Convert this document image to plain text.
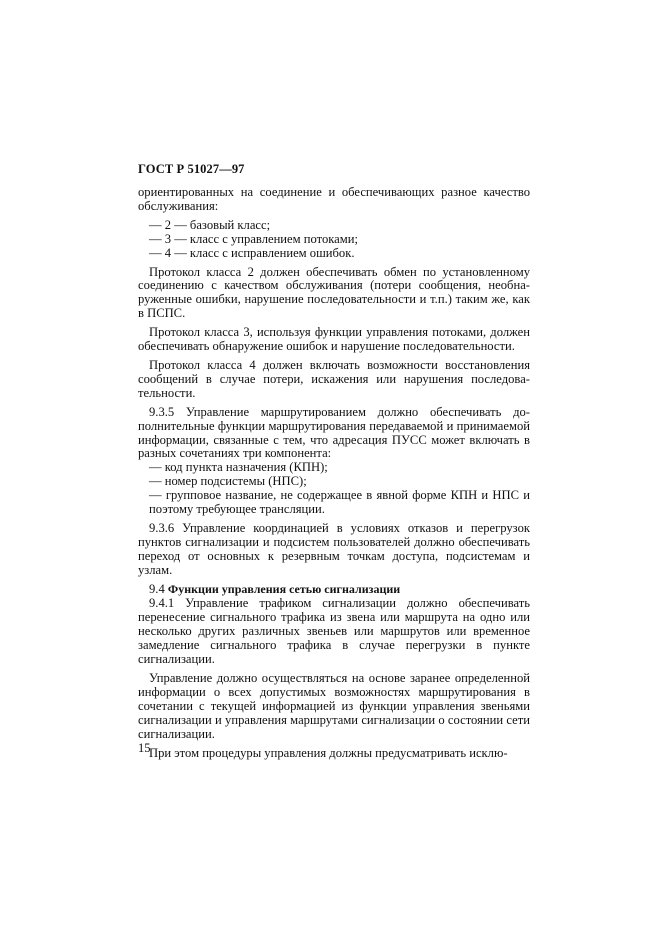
ГОСТ Р 51027—97

ориентированных на соединение и обеспечивающих разное качество обслуживания:

— 2 — базовый класс;

— 3 — класс с управлением потоками;

— 4 — класс с исправлением ошибок.

Протокол класса 2 должен обеспечивать обмен по установленному соединению с качеством обслуживания (потери сообщения, необнаруженные ошибки, нарушение последовательности и т.п.) таким же, как в ПСПС.

Протокол класса 3, используя функции управления потоками, должен обеспечивать обнаружение ошибок и нарушение последовательности.

Протокол класса 4 должен включать возможности восстановления сообщений в случае потери, искажения или нарушения последовательности.

9.3.5 Управление маршрутированием должно обеспечивать дополнительные функции маршрутирования передаваемой и принимаемой информации, связанные с тем, что адресация ПУСС может включать в разных сочетаниях три компонента:

— код пункта назначения (КПН);

— номер подсистемы (НПС);

— групповое название, не содержащее в явной форме КПН и НПС и поэтому требующее трансляции.

9.3.6 Управление координацией в условиях отказов и перегрузок пунктов сигнализации и подсистем пользователей должно обеспечивать переход от основных к резервным точкам доступа, подсистемам и узлам.

9.4 Функции управления сетью сигнализации

9.4.1 Управление трафиком сигнализации должно обеспечивать перенесение сигнального трафика из звена или маршрута на одно или несколько других различных звеньев или маршрутов или временное замедление сигнального трафика в случае перегрузки в пункте сигнализации.

Управление должно осуществляться на основе заранее определенной информации о всех допустимых возможностях маршрутирования в сочетании с текущей информацией из функции управления звеньями сигнализации и управления маршрутами сигнализации о состоянии сети сигнализации.

При этом процедуры управления должны предусматривать исклю-

15
